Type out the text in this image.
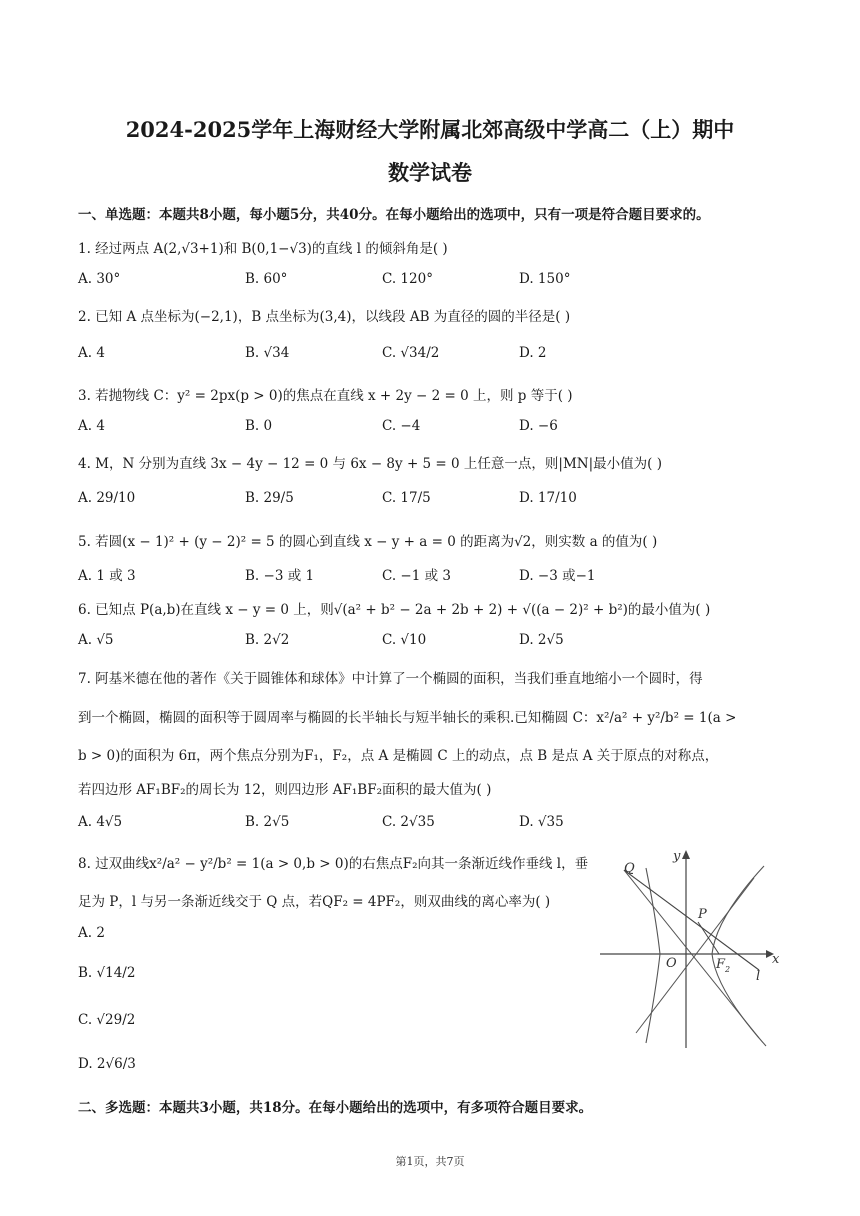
2024-2025学年上海财经大学附属北郊高级中学高二（上）期中
数学试卷
一、单选题：本题共8小题，每小题5分，共40分。在每小题给出的选项中，只有一项是符合题目要求的。
1. 经过两点 A(2,√3+1)和 B(0,1−√3)的直线 l 的倾斜角是( )
A. 30°	B. 60°	C. 120°	D. 150°
2. 已知 A 点坐标为(−2,1)，B 点坐标为(3,4)，以线段 AB 为直径的圆的半径是( )
A. 4	B. √34	C. √34/2	D. 2
3. 若抛物线 C：y² = 2px(p > 0)的焦点在直线 x + 2y − 2 = 0 上，则 p 等于( )
A. 4	B. 0	C. −4	D. −6
4. M，N 分别为直线 3x − 4y − 12 = 0 与 6x − 8y + 5 = 0 上任意一点，则|MN|最小值为( )
A. 29/10	B. 29/5	C. 17/5	D. 17/10
5. 若圆(x − 1)² + (y − 2)² = 5 的圆心到直线 x − y + a = 0 的距离为√2，则实数 a 的值为( )
A. 1 或 3	B. −3 或 1	C. −1 或 3	D. −3 或−1
6. 已知点 P(a,b)在直线 x − y = 0 上，则√(a² + b² − 2a + 2b + 2) + √((a − 2)² + b²)的最小值为( )
A. √5	B. 2√2	C. √10	D. 2√5
7. 阿基米德在他的著作《关于圆锥体和球体》中计算了一个椭圆的面积，当我们垂直地缩小一个圆时，得
到一个椭圆，椭圆的面积等于圆周率与椭圆的长半轴长与短半轴长的乘积.已知椭圆 C：x²/a² + y²/b² = 1(a >
b > 0)的面积为 6π，两个焦点分别为F₁，F₂，点 A 是椭圆 C 上的动点，点 B 是点 A 关于原点的对称点，
若四边形 AF₁BF₂的周长为 12，则四边形 AF₁BF₂面积的最大值为( )
A. 4√5	B. 2√5	C. 2√35	D. √35
8. 过双曲线x²/a² − y²/b² = 1(a > 0,b > 0)的右焦点F₂向其一条渐近线作垂线 l，垂
足为 P，l 与另一条渐近线交于 Q 点，若QF₂ = 4PF₂，则双曲线的离心率为( )
A. 2
B. √14/2
C. √29/2
D. 2√6/3
y
x
Q
P
O	F 2 l
二、多选题：本题共3小题，共18分。在每小题给出的选项中，有多项符合题目要求。
第1页，共7页
